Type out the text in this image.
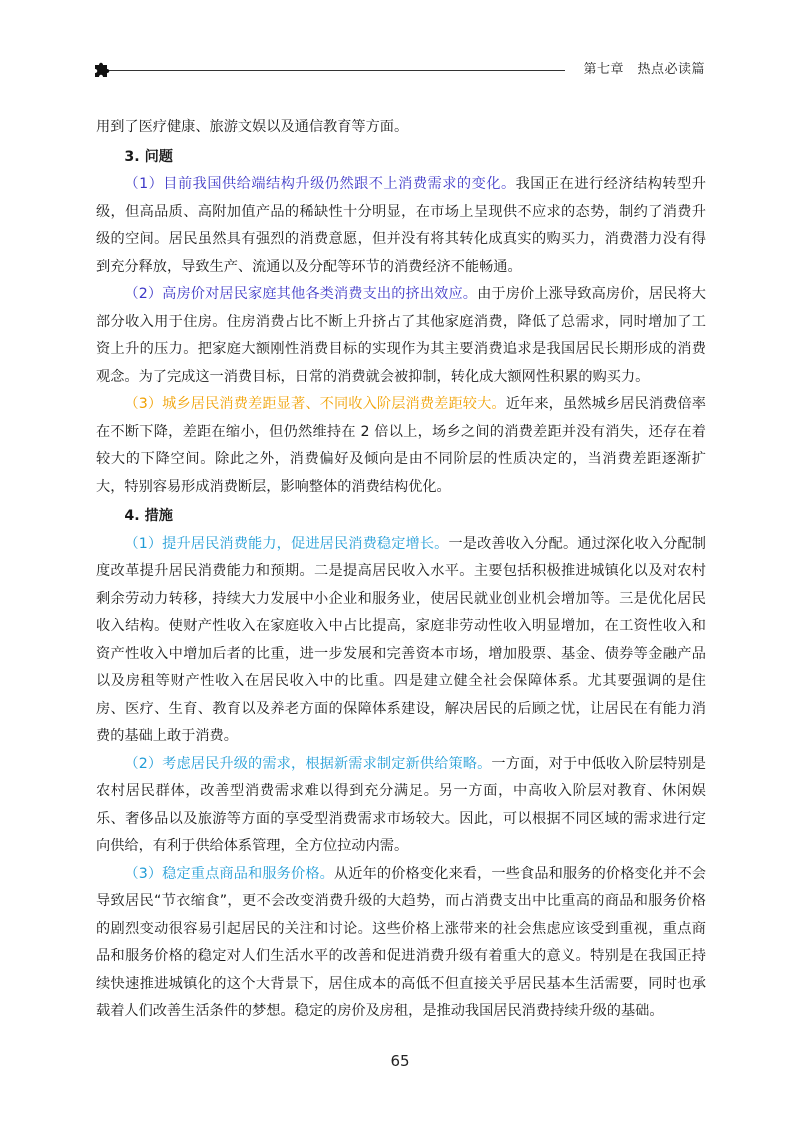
第七章　热点必读篇

用到了医疗健康、旅游文娱以及通信教育等方面。

3. 问题

（1）目前我国供给端结构升级仍然跟不上消费需求的变化。我国正在进行经济结构转型升级，但高品质、高附加值产品的稀缺性十分明显，在市场上呈现供不应求的态势，制约了消费升级的空间。居民虽然具有强烈的消费意愿，但并没有将其转化成真实的购买力，消费潜力没有得到充分释放，导致生产、流通以及分配等环节的消费经济不能畅通。

（2）高房价对居民家庭其他各类消费支出的挤出效应。由于房价上涨导致高房价，居民将大部分收入用于住房。住房消费占比不断上升挤占了其他家庭消费，降低了总需求，同时增加了工资上升的压力。把家庭大额刚性消费目标的实现作为其主要消费追求是我国居民长期形成的消费观念。为了完成这一消费目标，日常的消费就会被抑制，转化成大额网性积累的购买力。

（3）城乡居民消费差距显著、不同收入阶层消费差距较大。近年来，虽然城乡居民消费倍率在不断下降，差距在缩小，但仍然维持在 2 倍以上，场乡之间的消费差距并没有消失，还存在着较大的下降空间。除此之外，消费偏好及倾向是由不同阶层的性质决定的，当消费差距逐渐扩大，特别容易形成消费断层，影响整体的消费结构优化。

4. 措施

（1）提升居民消费能力，促进居民消费稳定增长。一是改善收入分配。通过深化收入分配制度改革提升居民消费能力和预期。二是提高居民收入水平。主要包括积极推进城镇化以及对农村剩余劳动力转移，持续大力发展中小企业和服务业，使居民就业创业机会增加等。三是优化居民收入结构。使财产性收入在家庭收入中占比提高，家庭非劳动性收入明显增加，在工资性收入和资产性收入中增加后者的比重，进一步发展和完善资本市场，增加股票、基金、债券等金融产品以及房租等财产性收入在居民收入中的比重。四是建立健全社会保障体系。尤其要强调的是住房、医疗、生育、教育以及养老方面的保障体系建设，解决居民的后顾之忧，让居民在有能力消费的基础上敢于消费。

（2）考虑居民升级的需求，根据新需求制定新供给策略。一方面，对于中低收入阶层特别是农村居民群体，改善型消费需求难以得到充分满足。另一方面，中高收入阶层对教育、休闲娱乐、奢侈品以及旅游等方面的享受型消费需求市场较大。因此，可以根据不同区域的需求进行定向供给，有利于供给体系管理，全方位拉动内需。

（3）稳定重点商品和服务价格。从近年的价格变化来看，一些食品和服务的价格变化并不会导致居民“节衣缩食”，更不会改变消费升级的大趋势，而占消费支出中比重高的商品和服务价格的剧烈变动很容易引起居民的关注和讨论。这些价格上涨带来的社会焦虑应该受到重视，重点商品和服务价格的稳定对人们生活水平的改善和促进消费升级有着重大的意义。特别是在我国正持续快速推进城镇化的这个大背景下，居住成本的高低不但直接关乎居民基本生活需要，同时也承载着人们改善生活条件的梦想。稳定的房价及房租，是推动我国居民消费持续升级的基础。

65
